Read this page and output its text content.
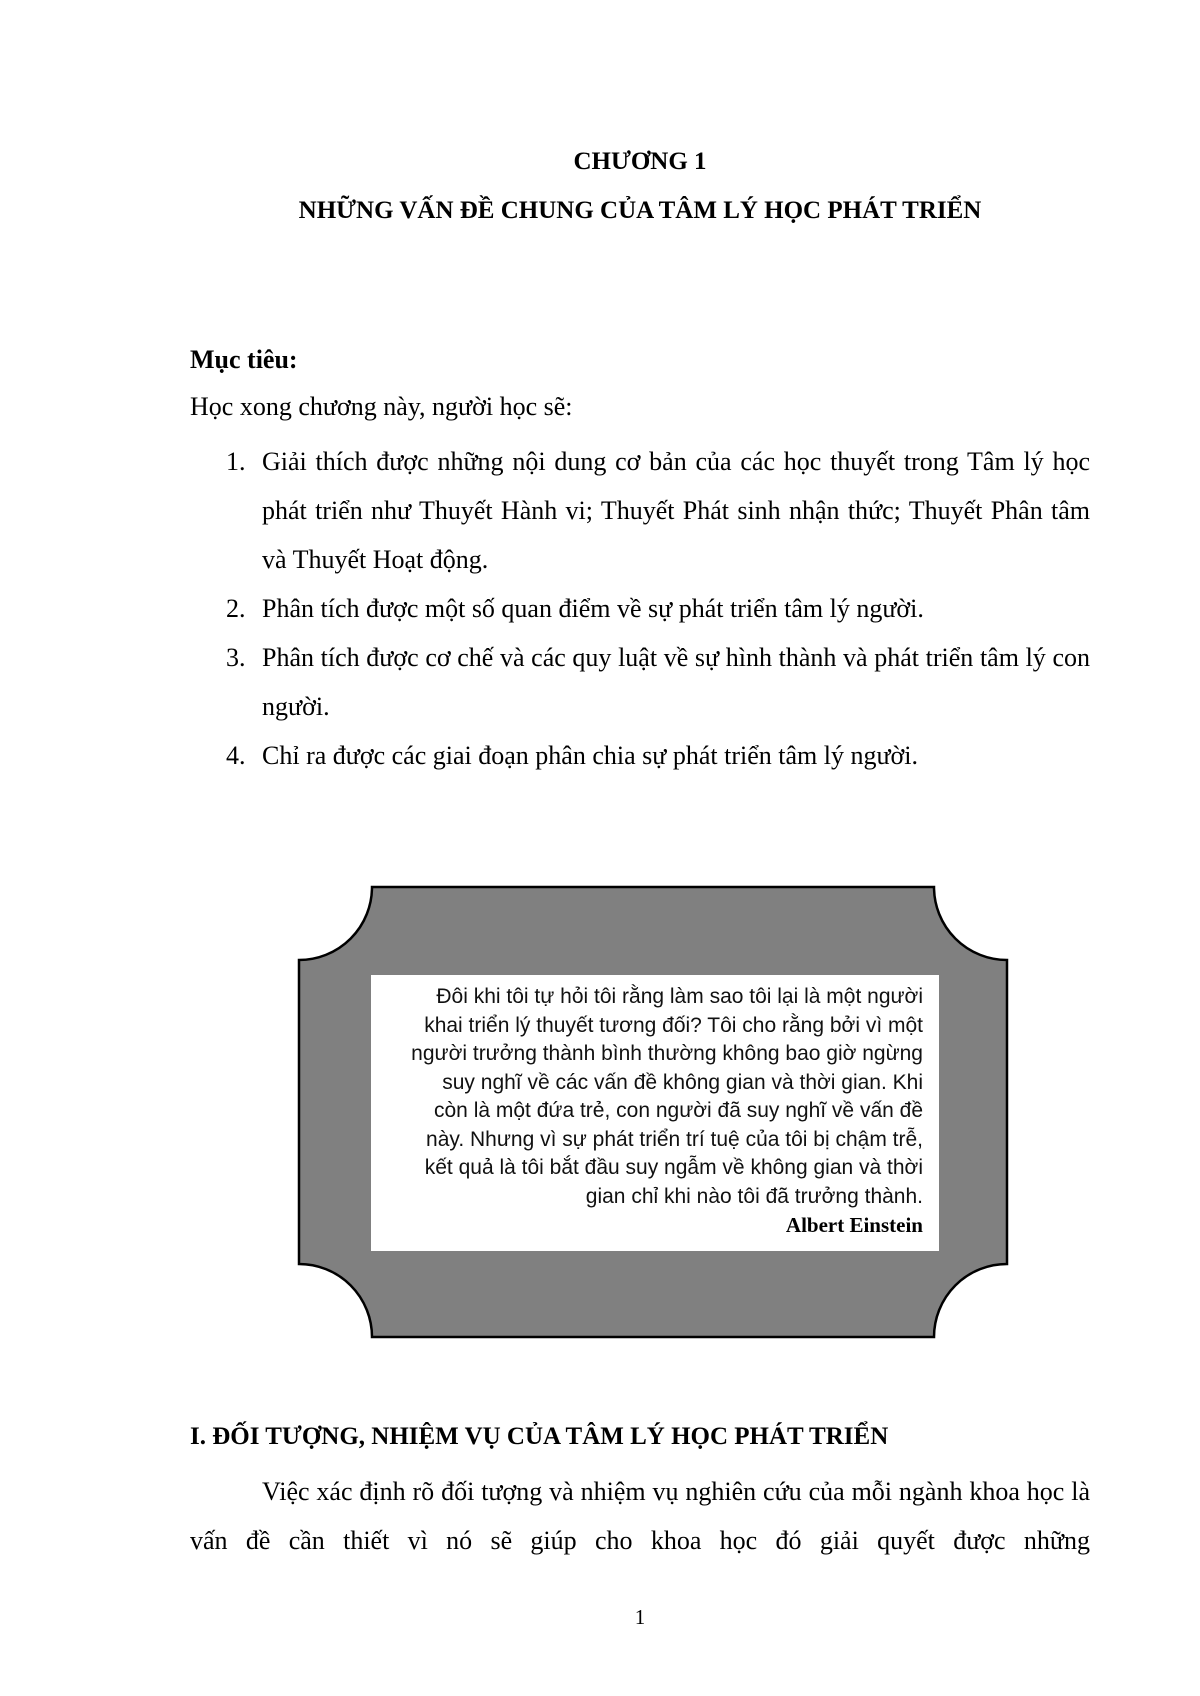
CHƯƠNG 1
NHỮNG VẤN ĐỀ CHUNG CỦA TÂM LÝ HỌC PHÁT TRIỂN

Mục tiêu:

Học xong chương này, người học sẽ:

1. Giải thích được những nội dung cơ bản của các học thuyết trong Tâm lý học phát triển như Thuyết Hành vi; Thuyết Phát sinh nhận thức; Thuyết Phân tâm và Thuyết Hoạt động.
2. Phân tích được một số quan điểm về sự phát triển tâm lý người.
3. Phân tích được cơ chế và các quy luật về sự hình thành và phát triển tâm lý con người.
4. Chỉ ra được các giai đoạn phân chia sự phát triển tâm lý người.

Đôi khi tôi tự hỏi tôi rằng làm sao tôi lại là một người
khai triển lý thuyết tương đối? Tôi cho rằng bởi vì một
người trưởng thành bình thường không bao giờ ngừng
suy nghĩ về các vấn đề không gian và thời gian. Khi
còn là một đứa trẻ, con người đã suy nghĩ về vấn đề
này. Nhưng vì sự phát triển trí tuệ của tôi bị chậm trễ,
kết quả là tôi bắt đầu suy ngẫm về không gian và thời
gian chỉ khi nào tôi đã trưởng thành.

Albert Einstein

I. ĐỐI TƯỢNG, NHIỆM VỤ CỦA TÂM LÝ HỌC PHÁT TRIỂN

Việc xác định rõ đối tượng và nhiệm vụ nghiên cứu của mỗi ngành khoa học là vấn đề cần thiết vì nó sẽ giúp cho khoa học đó giải quyết được những

1
